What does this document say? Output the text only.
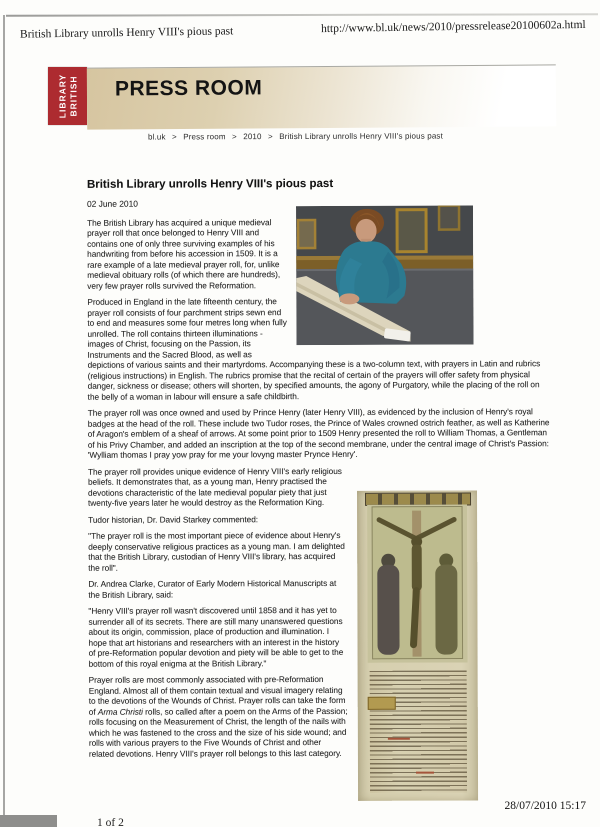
British Library unrolls Henry VIII's pious past	http://www.bl.uk/news/2010/pressrelease20100602a.html
LIBRARY BRITISH	PRESS ROOM
bl.uk > Press room > 2010 > British Library unrolls Henry VIII's pious past
British Library unrolls Henry VIII's pious past
02 June 2010

The British Library has acquired a unique medieval prayer roll that once belonged to Henry VIII and contains one of only three surviving examples of his handwriting from before his accession in 1509. It is a rare example of a late medieval prayer roll, for, unlike medieval obituary rolls (of which there are hundreds), very few prayer rolls survived the Reformation.

Produced in England in the late fifteenth century, the prayer roll consists of four parchment strips sewn end to end and measures some four metres long when fully unrolled. The roll contains thirteen illuminations - images of Christ, focusing on the Passion, its Instruments and the Sacred Blood, as well as depictions of various saints and their martyrdoms. Accompanying these is a two-column text, with prayers in Latin and rubrics (religious instructions) in English. The rubrics promise that the recital of certain of the prayers will offer safety from physical danger, sickness or disease; others will shorten, by specified amounts, the agony of Purgatory, while the placing of the roll on the belly of a woman in labour will ensure a safe childbirth.

The prayer roll was once owned and used by Prince Henry (later Henry VIII), as evidenced by the inclusion of Henry's royal badges at the head of the roll. These include two Tudor roses, the Prince of Wales crowned ostrich feather, as well as Katherine of Aragon's emblem of a sheaf of arrows. At some point prior to 1509 Henry presented the roll to William Thomas, a Gentleman of his Privy Chamber, and added an inscription at the top of the second membrane, under the central image of Christ's Passion: 'Wylliam thomas I pray yow pray for me your lovyng master Prynce Henry'.

The prayer roll provides unique evidence of Henry VIII's early religious beliefs. It demonstrates that, as a young man, Henry practised the devotions characteristic of the late medieval popular piety that just twenty-five years later he would destroy as the Reformation King.

Tudor historian, Dr. David Starkey commented:

"The prayer roll is the most important piece of evidence about Henry's deeply conservative religious practices as a young man. I am delighted that the British Library, custodian of Henry VIII's library, has acquired the roll".

Dr. Andrea Clarke, Curator of Early Modern Historical Manuscripts at the British Library, said:

"Henry VIII's prayer roll wasn't discovered until 1858 and it has yet to surrender all of its secrets. There are still many unanswered questions about its origin, commission, place of production and illumination. I hope that art historians and researchers with an interest in the history of pre-Reformation popular devotion and piety will be able to get to the bottom of this royal enigma at the British Library."

Prayer rolls are most commonly associated with pre-Reformation England. Almost all of them contain textual and visual imagery relating to the devotions of the Wounds of Christ. Prayer rolls can take the form of Arma Christi rolls, so called after a poem on the Arms of the Passion; rolls focusing on the Measurement of Christ, the length of the nails with which he was fastened to the cross and the size of his side wound; and rolls with various prayers to the Five Wounds of Christ and other related devotions. Henry VIII's prayer roll belongs to this last category.

1 of 2
28/07/2010 15:17
